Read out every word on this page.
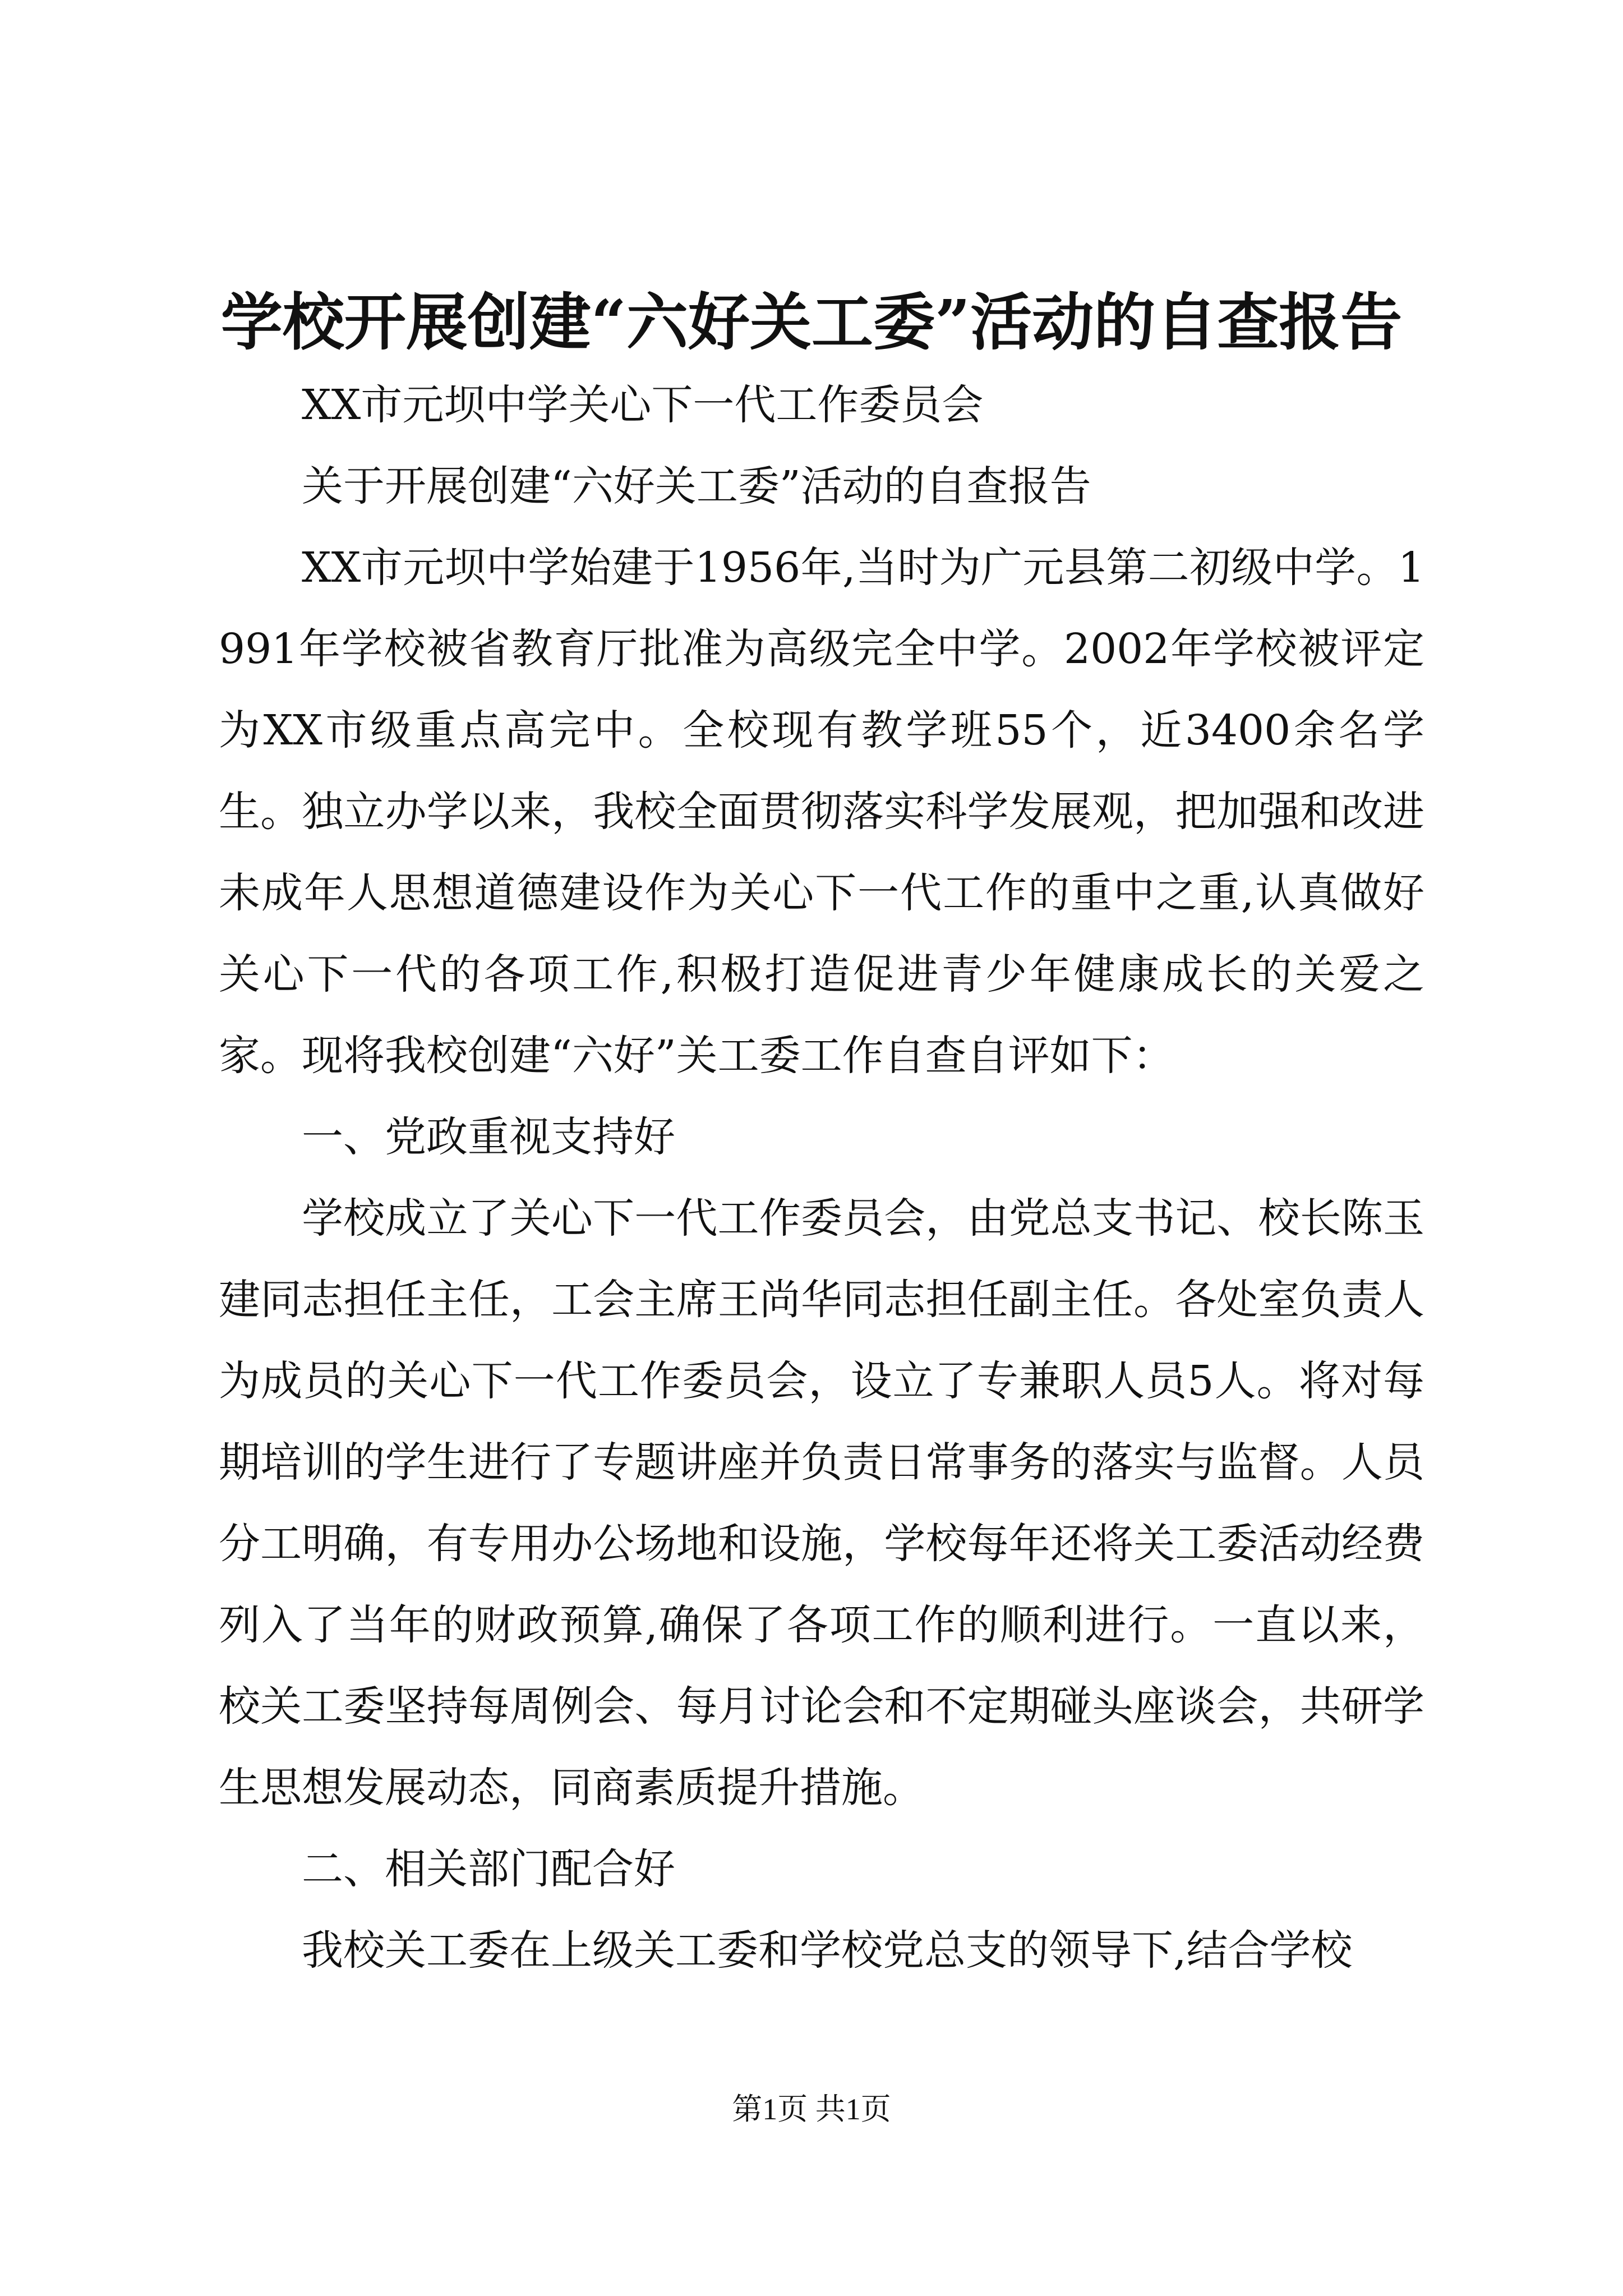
学校开展创建“六好关工委”活动的自查报告

XX市元坝中学关心下一代工作委员会

关于开展创建“六好关工委”活动的自查报告

XX市元坝中学始建于1956年,当时为广元县第二初级中学。1991年学校被省教育厅批准为高级完全中学。2002年学校被评定为XX市级重点高完中。全校现有教学班55个，近3400余名学生。独立办学以来，我校全面贯彻落实科学发展观，把加强和改进未成年人思想道德建设作为关心下一代工作的重中之重,认真做好关心下一代的各项工作,积极打造促进青少年健康成长的关爱之家。现将我校创建“六好”关工委工作自查自评如下：

一、党政重视支持好

学校成立了关心下一代工作委员会，由党总支书记、校长陈玉建同志担任主任，工会主席王尚华同志担任副主任。各处室负责人为成员的关心下一代工作委员会，设立了专兼职人员5人。将对每期培训的学生进行了专题讲座并负责日常事务的落实与监督。人员分工明确，有专用办公场地和设施，学校每年还将关工委活动经费列入了当年的财政预算,确保了各项工作的顺利进行。一直以来，校关工委坚持每周例会、每月讨论会和不定期碰头座谈会，共研学生思想发展动态，同商素质提升措施。

二、相关部门配合好

我校关工委在上级关工委和学校党总支的领导下,结合学校

第1页 共1页
